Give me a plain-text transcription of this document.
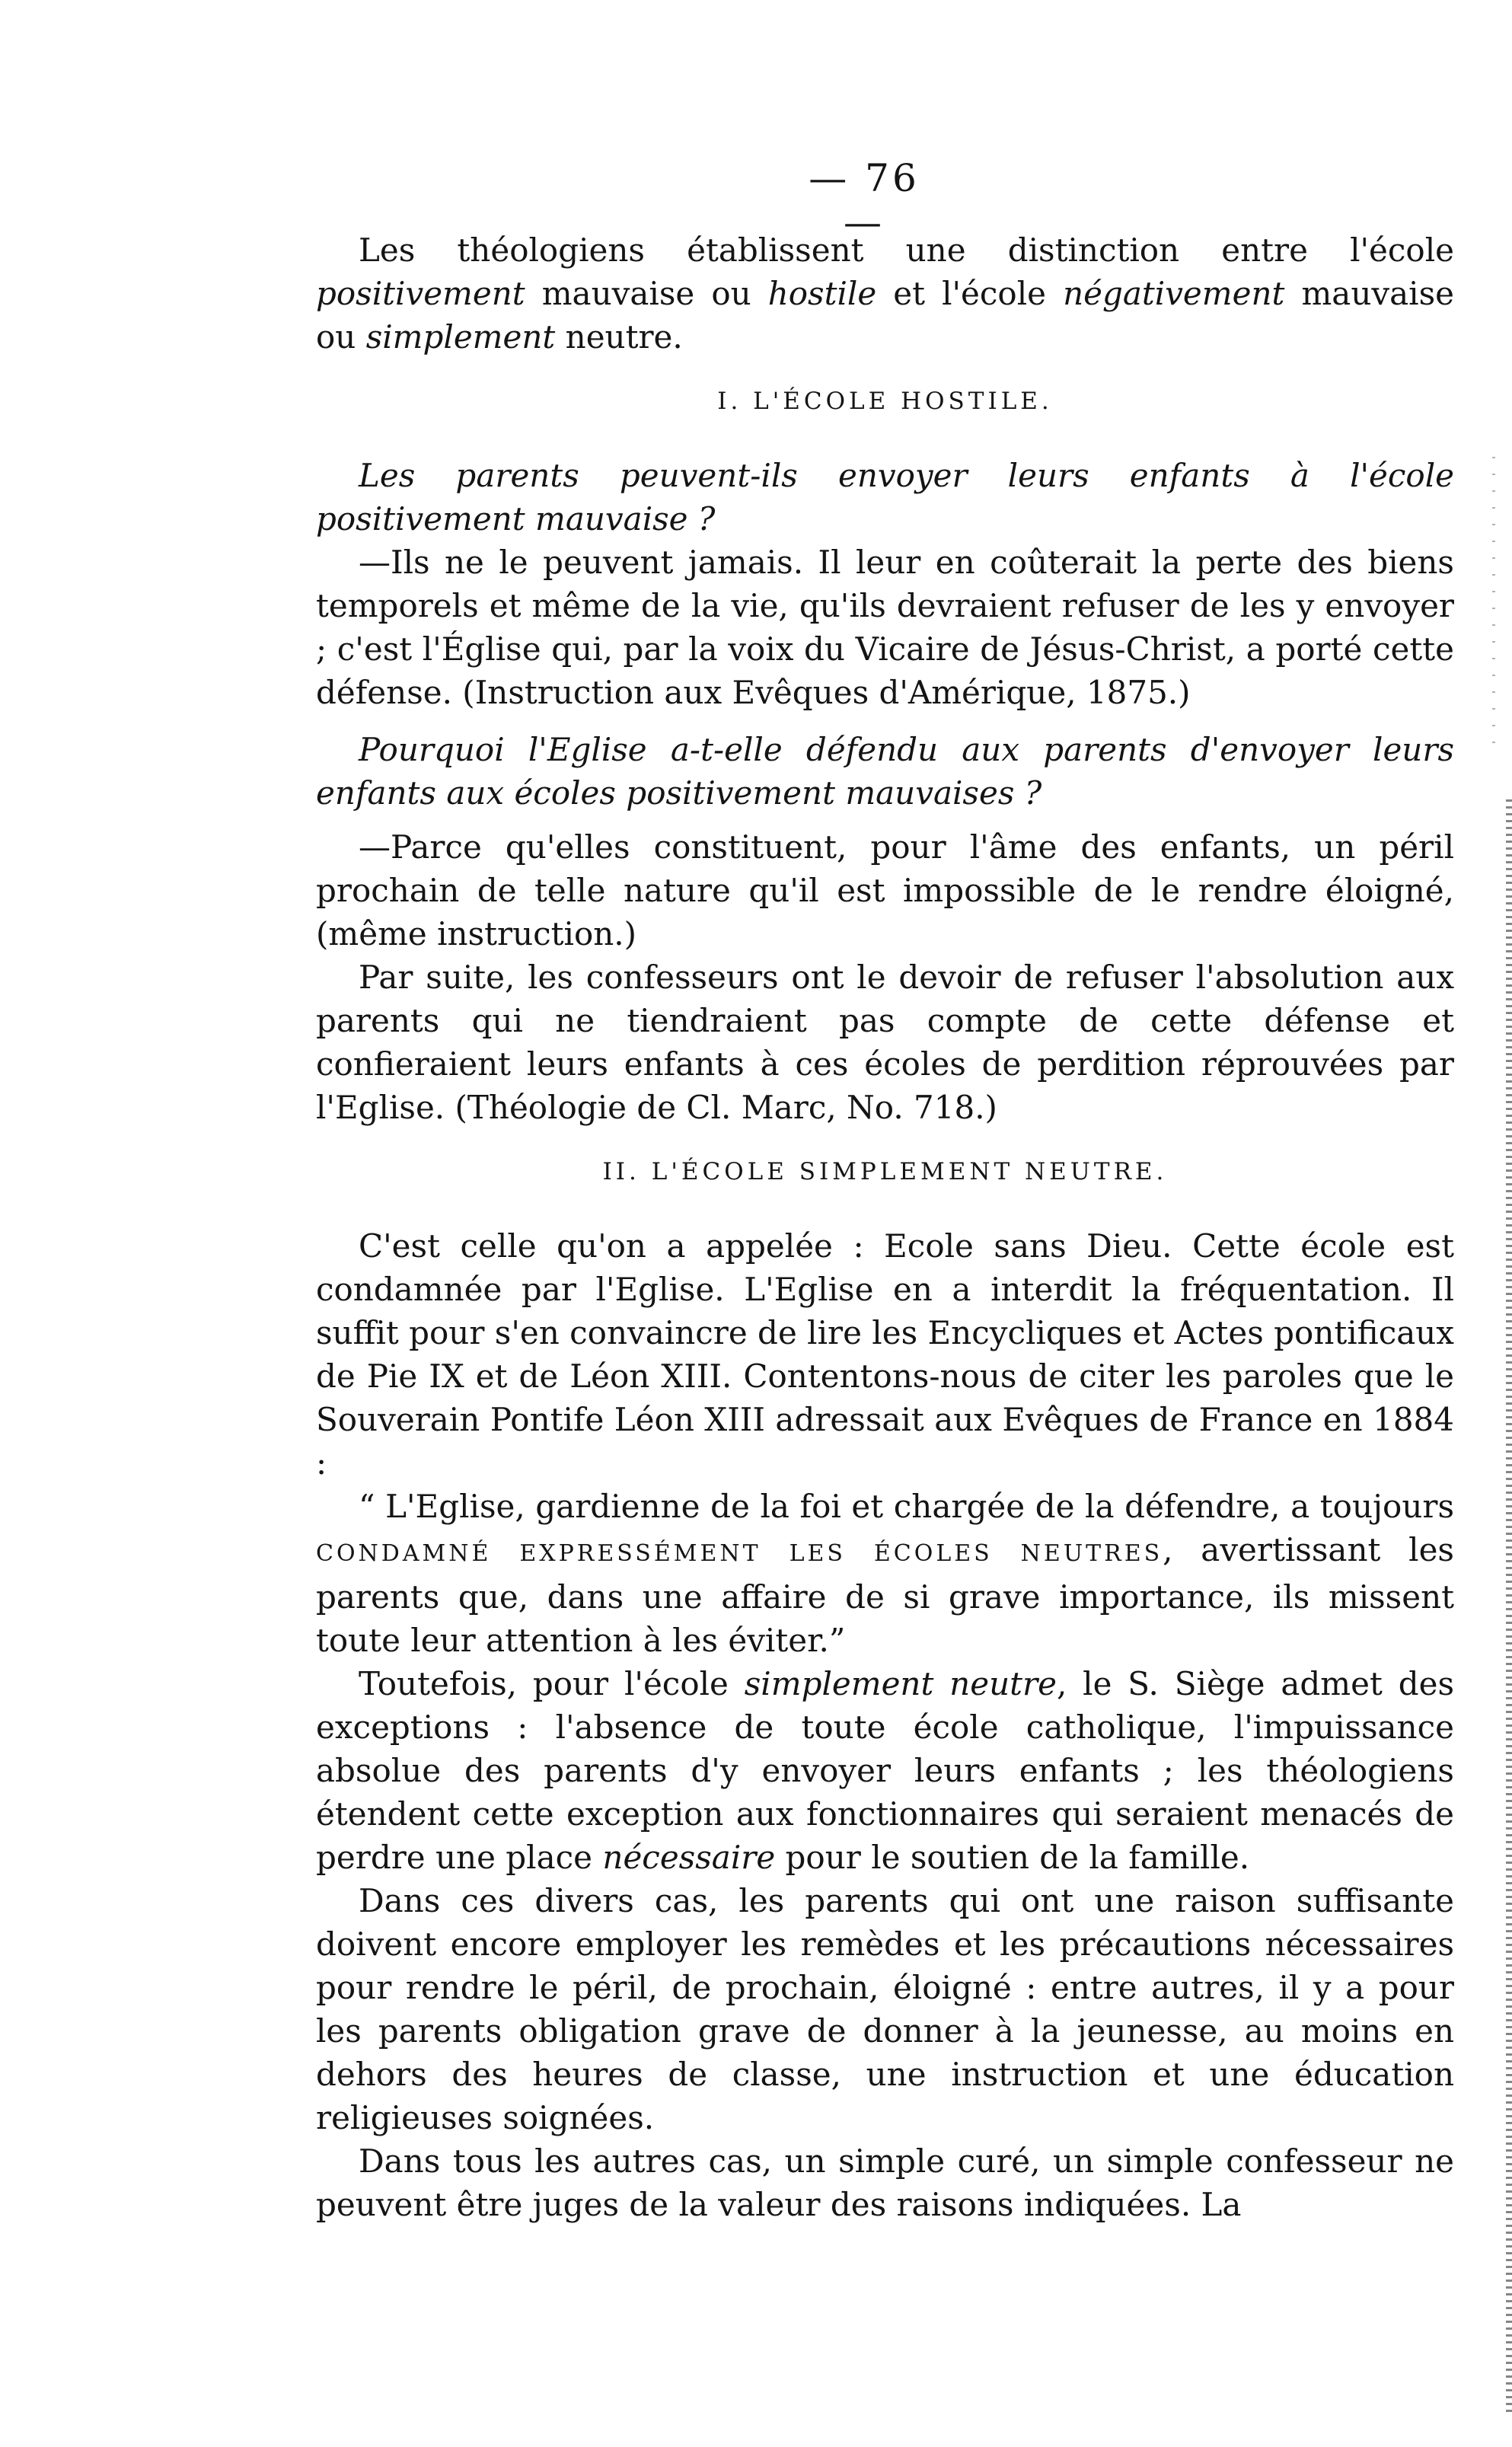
— 76 —

Les théologiens établissent une distinction entre l'école positivement mauvaise ou hostile et l'école négativement mauvaise ou simplement neutre.

I. L'ÉCOLE HOSTILE.

Les parents peuvent-ils envoyer leurs enfants à l'école positivement mauvaise ?

—Ils ne le peuvent jamais. Il leur en coûterait la perte des biens temporels et même de la vie, qu'ils devraient refuser de les y envoyer ; c'est l'Église qui, par la voix du Vicaire de Jésus-Christ, a porté cette défense. (Instruction aux Evêques d'Amérique, 1875.)

Pourquoi l'Eglise a-t-elle défendu aux parents d'envoyer leurs enfants aux écoles positivement mauvaises ?

—Parce qu'elles constituent, pour l'âme des enfants, un péril prochain de telle nature qu'il est impossible de le rendre éloigné, (même instruction.)

Par suite, les confesseurs ont le devoir de refuser l'absolution aux parents qui ne tiendraient pas compte de cette défense et confieraient leurs enfants à ces écoles de perdition réprouvées par l'Eglise. (Théologie de Cl. Marc, No. 718.)

II. L'ÉCOLE SIMPLEMENT NEUTRE.

C'est celle qu'on a appelée : Ecole sans Dieu. Cette école est condamnée par l'Eglise. L'Eglise en a interdit la fréquentation. Il suffit pour s'en convaincre de lire les Encycliques et Actes pontificaux de Pie IX et de Léon XIII. Contentons-nous de citer les paroles que le Souverain Pontife Léon XIII adressait aux Evêques de France en 1884 :

“ L'Eglise, gardienne de la foi et chargée de la défendre, a toujours CONDAMNÉ EXPRESSÉMENT LES ÉCOLES NEUTRES, avertissant les parents que, dans une affaire de si grave importance, ils missent toute leur attention à les éviter.”

Toutefois, pour l'école simplement neutre, le S. Siège admet des exceptions : l'absence de toute école catholique, l'impuissance absolue des parents d'y envoyer leurs enfants ; les théologiens étendent cette exception aux fonctionnaires qui seraient menacés de perdre une place nécessaire pour le soutien de la famille.

Dans ces divers cas, les parents qui ont une raison suffisante doivent encore employer les remèdes et les précautions nécessaires pour rendre le péril, de prochain, éloigné : entre autres, il y a pour les parents obligation grave de donner à la jeunesse, au moins en dehors des heures de classe, une instruction et une éducation religieuses soignées.

Dans tous les autres cas, un simple curé, un simple confesseur ne peuvent être juges de la valeur des raisons indiquées. La
